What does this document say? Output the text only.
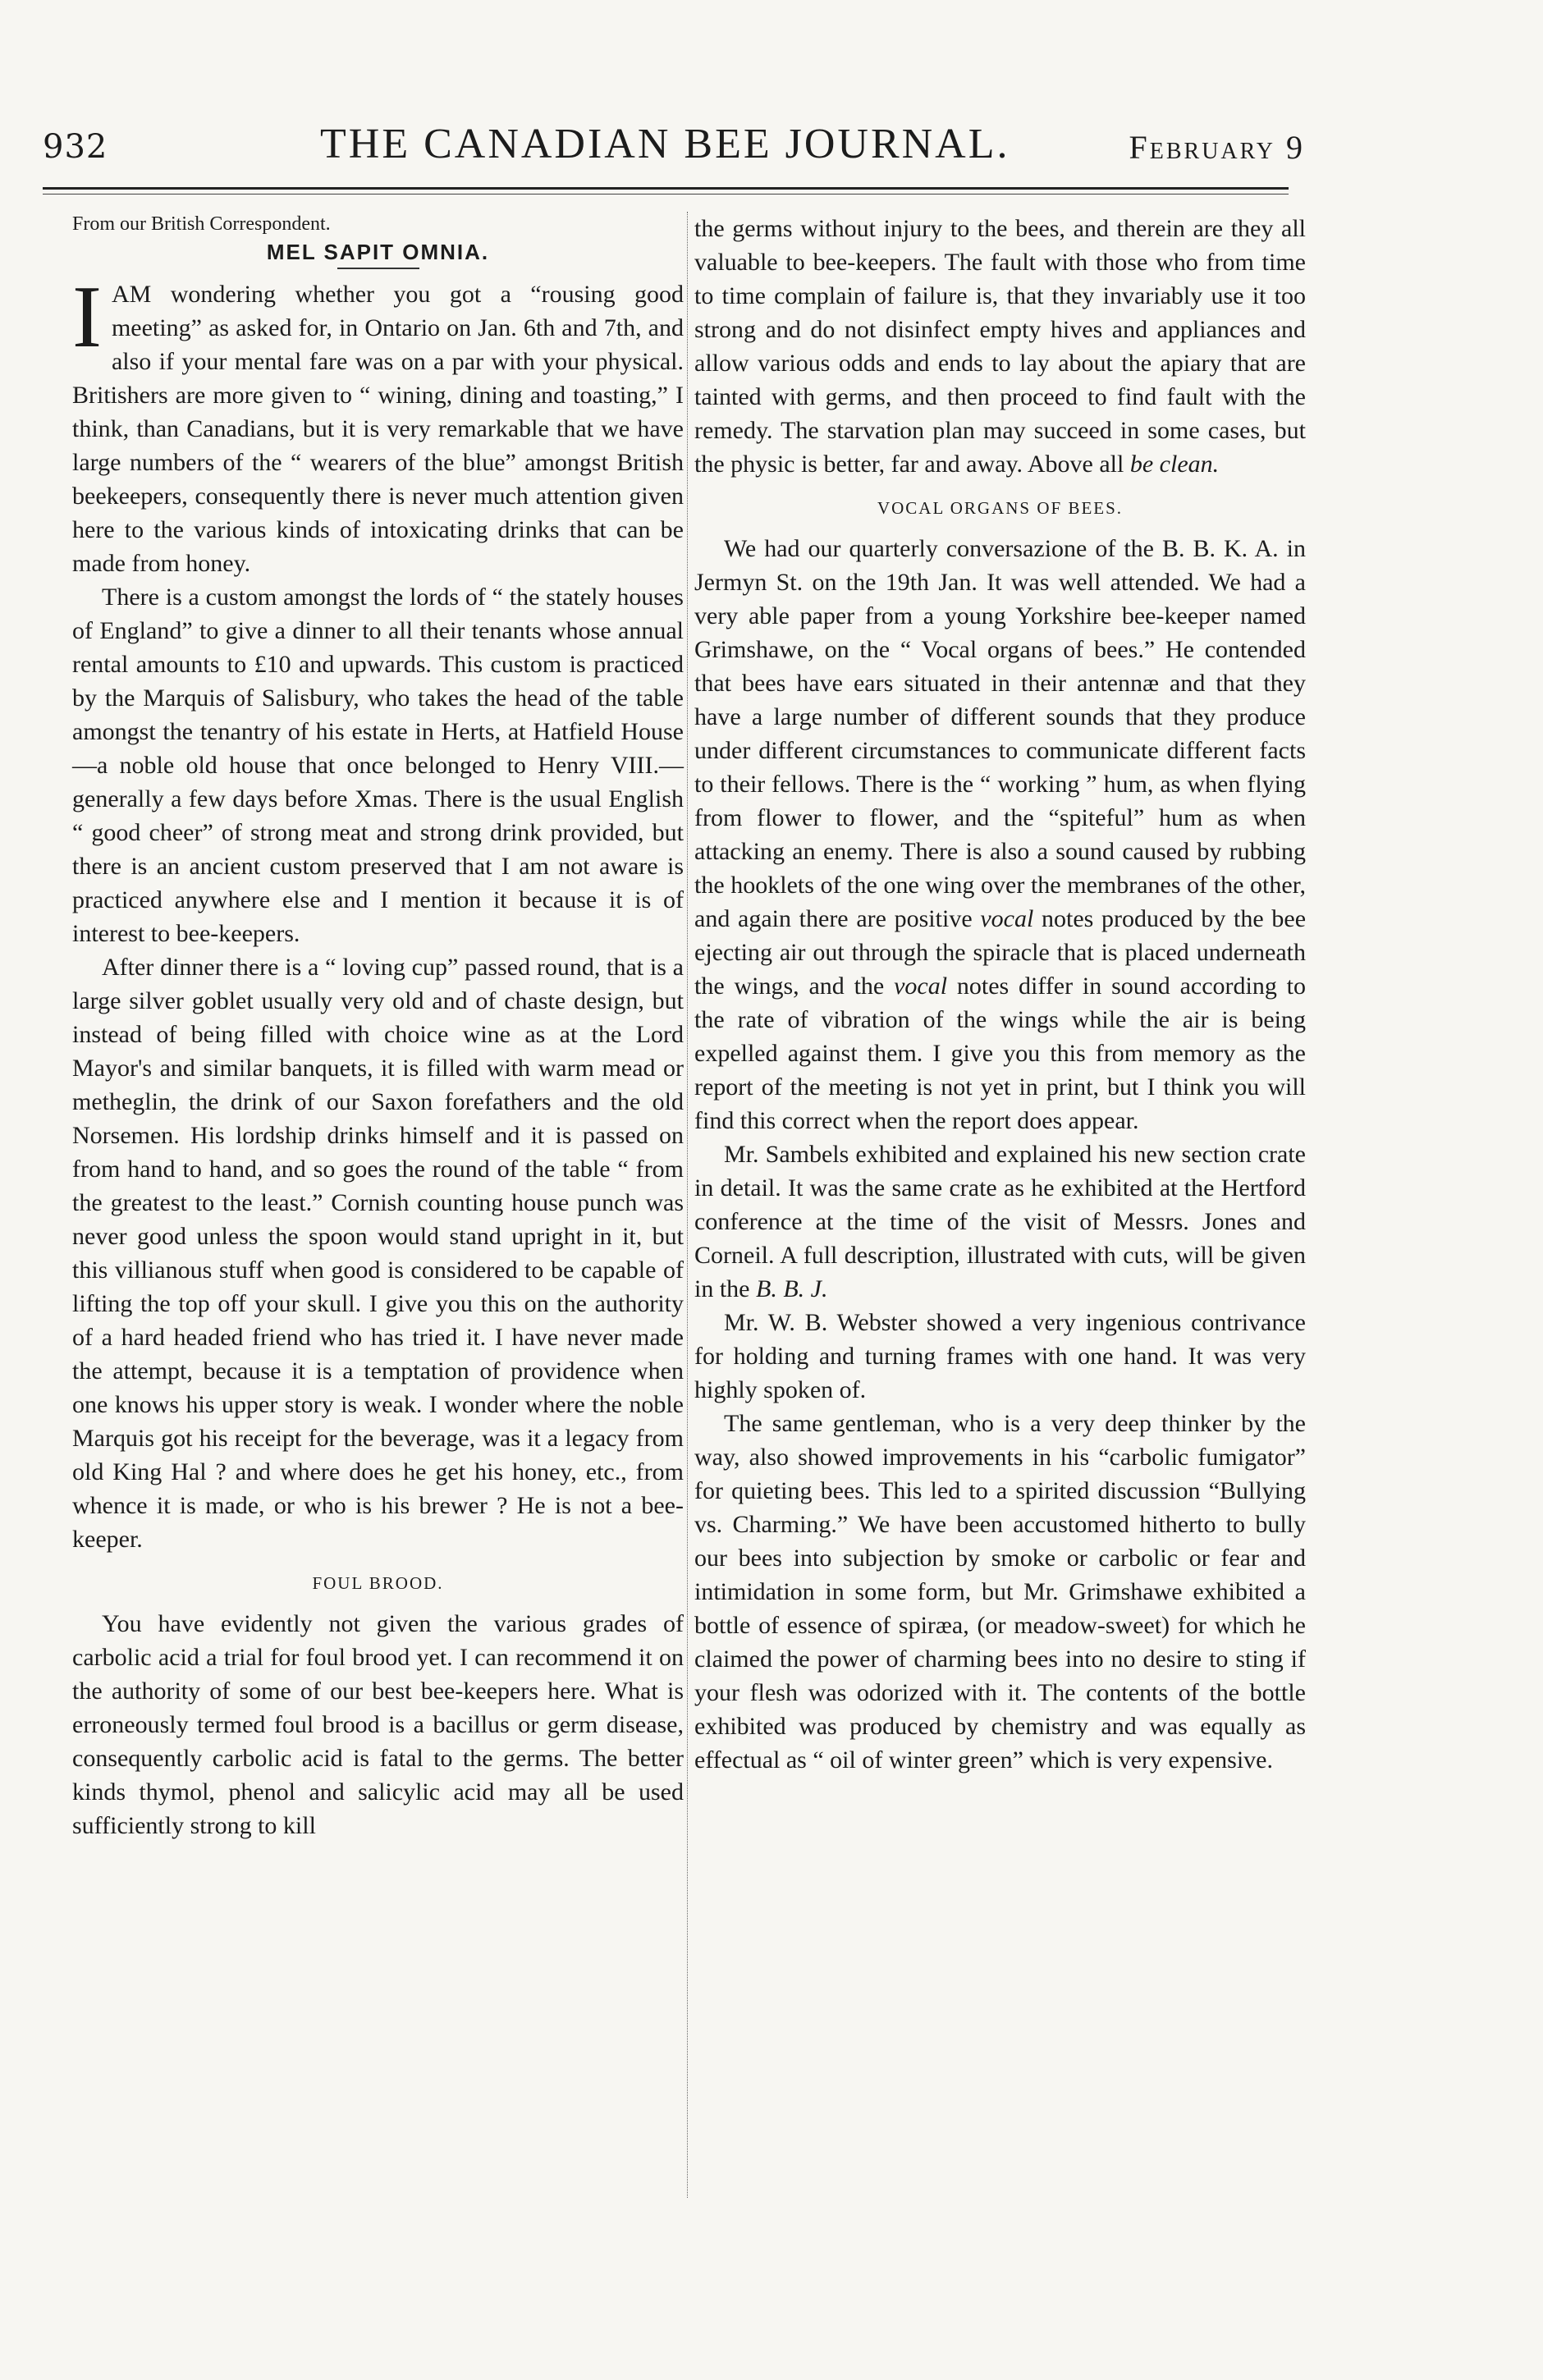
932	THE CANADIAN BEE JOURNAL.	February 9
From our British Correspondent.
MEL SAPIT OMNIA.

I AM wondering whether you got a “rousing good meeting” as asked for, in Ontario on Jan. 6th and 7th, and also if your mental fare was on a par with your physical. Britishers are more given to “ wining, dining and toasting,” I think, than Canadians, but it is very remarkable that we have large numbers of the “ wearers of the blue” amongst British beekeepers, consequently there is never much attention given here to the various kinds of intoxicating drinks that can be made from honey.

There is a custom amongst the lords of “ the stately houses of England” to give a dinner to all their tenants whose annual rental amounts to £10 and upwards. This custom is practiced by the Marquis of Salisbury, who takes the head of the table amongst the tenantry of his estate in Herts, at Hatfield House—a noble old house that once belonged to Henry VIII.—generally a few days before Xmas. There is the usual English “ good cheer” of strong meat and strong drink provided, but there is an ancient custom preserved that I am not aware is practiced anywhere else and I mention it because it is of interest to bee-keepers.

After dinner there is a “ loving cup” passed round, that is a large silver goblet usually very old and of chaste design, but instead of being filled with choice wine as at the Lord Mayor's and similar banquets, it is filled with warm mead or metheglin, the drink of our Saxon forefathers and the old Norsemen. His lordship drinks himself and it is passed on from hand to hand, and so goes the round of the table “ from the greatest to the least.” Cornish counting house punch was never good unless the spoon would stand upright in it, but this villianous stuff when good is considered to be capable of lifting the top off your skull. I give you this on the authority of a hard headed friend who has tried it. I have never made the attempt, because it is a temptation of providence when one knows his upper story is weak. I wonder where the noble Marquis got his receipt for the beverage, was it a legacy from old King Hal ? and where does he get his honey, etc., from whence it is made, or who is his brewer ? He is not a bee-keeper.

FOUL BROOD.

You have evidently not given the various grades of carbolic acid a trial for foul brood yet. I can recommend it on the authority of some of our best bee-keepers here. What is erroneously termed foul brood is a bacillus or germ disease, consequently carbolic acid is fatal to the germs. The better kinds thymol, phenol and salicylic acid may all be used sufficiently strong to kill

the germs without injury to the bees, and therein are they all valuable to bee-keepers. The fault with those who from time to time complain of failure is, that they invariably use it too strong and do not disinfect empty hives and appliances and allow various odds and ends to lay about the apiary that are tainted with germs, and then proceed to find fault with the remedy. The starvation plan may succeed in some cases, but the physic is better, far and away. Above all be clean.

VOCAL ORGANS OF BEES.

We had our quarterly conversazione of the B. B. K. A. in Jermyn St. on the 19th Jan. It was well attended. We had a very able paper from a young Yorkshire bee-keeper named Grimshawe, on the “ Vocal organs of bees.” He contended that bees have ears situated in their antennæ and that they have a large number of different sounds that they produce under different circumstances to communicate different facts to their fellows. There is the “ working ” hum, as when flying from flower to flower, and the “spiteful” hum as when attacking an enemy. There is also a sound caused by rubbing the hooklets of the one wing over the membranes of the other, and again there are positive vocal notes produced by the bee ejecting air out through the spiracle that is placed underneath the wings, and the vocal notes differ in sound according to the rate of vibration of the wings while the air is being expelled against them. I give you this from memory as the report of the meeting is not yet in print, but I think you will find this correct when the report does appear.

Mr. Sambels exhibited and explained his new section crate in detail. It was the same crate as he exhibited at the Hertford conference at the time of the visit of Messrs. Jones and Corneil. A full description, illustrated with cuts, will be given in the B. B. J.

Mr. W. B. Webster showed a very ingenious contrivance for holding and turning frames with one hand. It was very highly spoken of.

The same gentleman, who is a very deep thinker by the way, also showed improvements in his “carbolic fumigator” for quieting bees. This led to a spirited discussion “Bullying vs. Charming.” We have been accustomed hitherto to bully our bees into subjection by smoke or carbolic or fear and intimidation in some form, but Mr. Grimshawe exhibited a bottle of essence of spiræa, (or meadow-sweet) for which he claimed the power of charming bees into no desire to sting if your flesh was odorized with it. The contents of the bottle exhibited was produced by chemistry and was equally as effectual as “ oil of winter green” which is very expensive.
